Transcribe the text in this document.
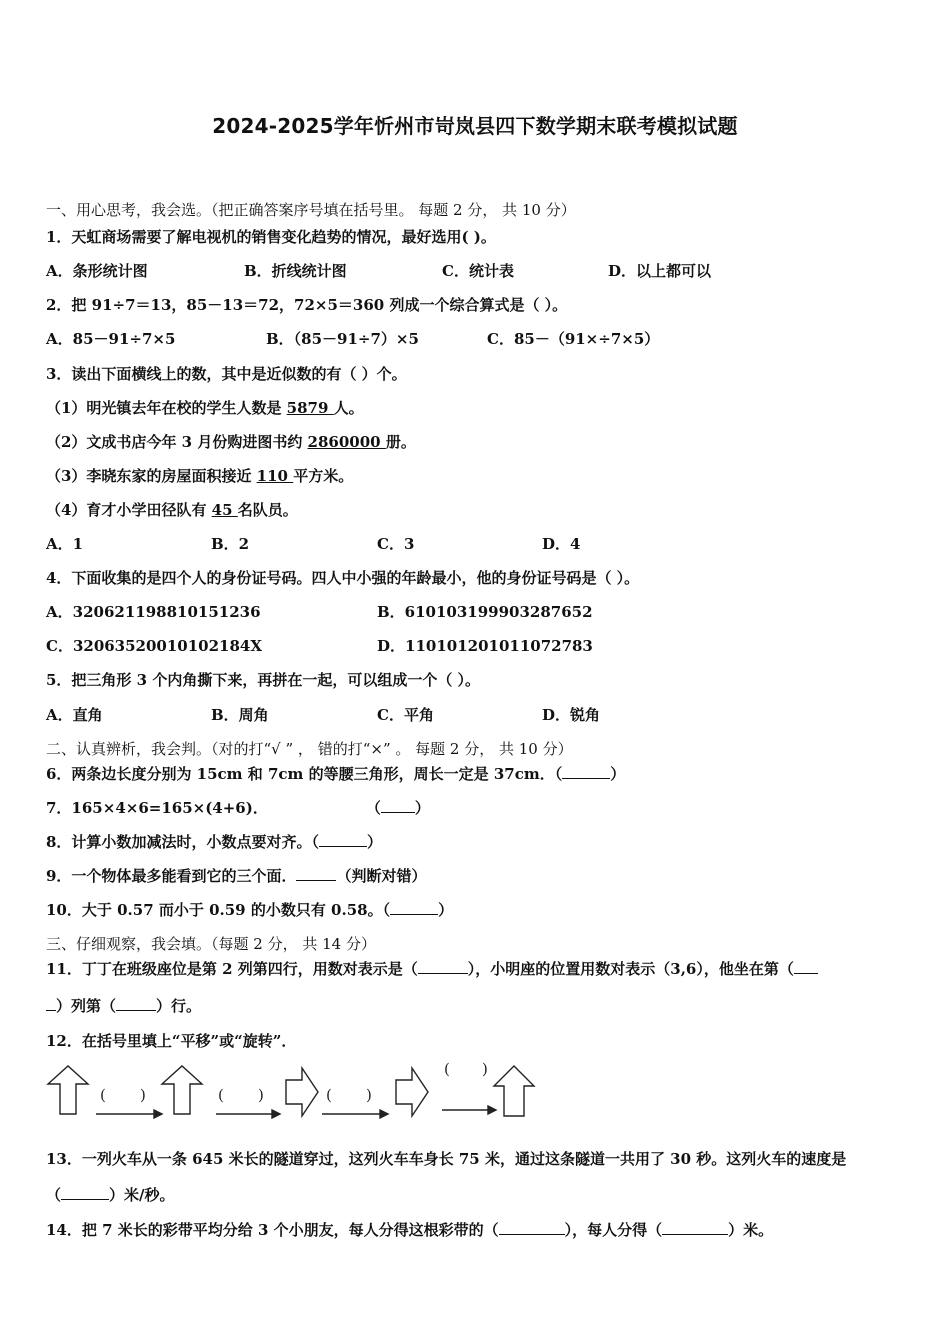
2024-2025学年忻州市岢岚县四下数学期末联考模拟试题
一、用心思考，我会选。（把正确答案序号填在括号里。 每题 2 分， 共 10 分）
1．天虹商场需要了解电视机的销售变化趋势的情况，最好选用( )。
A．条形统计图	B．折线统计图	C．统计表	D．以上都可以
2．把 91÷7＝13，85－13＝72，72×5＝360 列成一个综合算式是（ ）。
A．85－91÷7×5	B．（85－91÷7）×5	C．85－（91×÷7×5）
3．读出下面横线上的数，其中是近似数的有（ ）个。
（1）明光镇去年在校的学生人数是 5879 人。
（2）文成书店今年 3 月份购进图书约 2860000 册。
（3）李晓东家的房屋面积接近 110 平方米。
（4）育才小学田径队有 45 名队员。
A．1	B．2	C．3	D．4
4．下面收集的是四个人的身份证号码。四人中小强的年龄最小，他的身份证号码是（ ）。
A．320621198810151236	B．610103199903287652
C．32063520010102184X	D．110101201011072783
5．把三角形 3 个内角撕下来，再拼在一起，可以组成一个（ ）。
A．直角	B．周角	C．平角	D．锐角
二、认真辨析，我会判。（对的打“√ ” ， 错的打“×” 。 每题 2 分， 共 10 分）
6．两条边长度分别为 15cm 和 7cm 的等腰三角形，周长一定是 37cm．（	）
7．165×4×6=165×(4+6)．	（ ）
8．计算小数加减法时，小数点要对齐。（	）
9．一个物体最多能看到它的三个面．	（判断对错）
10．大于 0.57 而小于 0.59 的小数只有 0.58。（	）
三、仔细观察，我会填。（每题 2 分， 共 14 分）
11．丁丁在班级座位是第 2 列第四行，用数对表示是（	），小明座的位置用数对表示（3,6），他坐在第（
）列第（	）行。
12．在括号里填上“平移”或“旋转”．
( )	( )	( )
( )
13．一列火车从一条 645 米长的隧道穿过，这列火车车身长 75 米，通过这条隧道一共用了 30 秒。这列火车的速度是
（	）米/秒。
14．把 7 米长的彩带平均分给 3 个小朋友，每人分得这根彩带的（	），每人分得（	）米。
